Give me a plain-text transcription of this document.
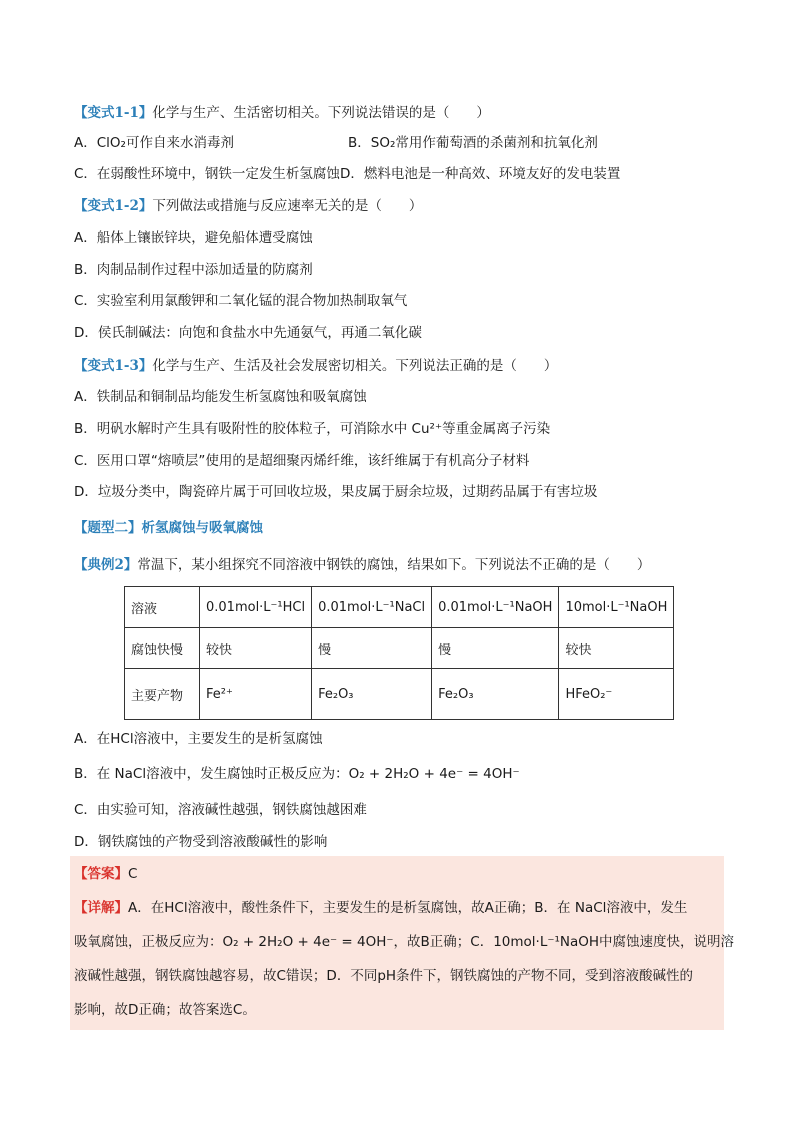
【变式1-1】化学与生产、生活密切相关。下列说法错误的是（　　）
A．ClO₂可作自来水消毒剂	B．SO₂常用作葡萄酒的杀菌剂和抗氧化剂
C．在弱酸性环境中，钢铁一定发生析氢腐蚀D．燃料电池是一种高效、环境友好的发电装置
【变式1-2】下列做法或措施与反应速率无关的是（　　）
A．船体上镶嵌锌块，避免船体遭受腐蚀
B．肉制品制作过程中添加适量的防腐剂
C．实验室利用氯酸钾和二氧化锰的混合物加热制取氧气
D．侯氏制碱法：向饱和食盐水中先通氨气，再通二氧化碳
【变式1-3】化学与生产、生活及社会发展密切相关。下列说法正确的是（　　）
A．铁制品和铜制品均能发生析氢腐蚀和吸氧腐蚀
B．明矾水解时产生具有吸附性的胶体粒子，可消除水中 Cu²⁺等重金属离子污染
C．医用口罩“熔喷层”使用的是超细聚丙烯纤维，该纤维属于有机高分子材料
D．垃圾分类中，陶瓷碎片属于可回收垃圾，果皮属于厨余垃圾，过期药品属于有害垃圾
【题型二】析氢腐蚀与吸氧腐蚀
【典例2】常温下，某小组探究不同溶液中钢铁的腐蚀，结果如下。下列说法不正确的是（　　）
溶液	0.01mol·L⁻¹HCl	0.01mol·L⁻¹NaCl	0.01mol·L⁻¹NaOH	10mol·L⁻¹NaOH
腐蚀快慢	较快	慢	慢	较快
主要产物	Fe²⁺	Fe₂O₃	Fe₂O₃	HFeO₂⁻
A．在HCl溶液中，主要发生的是析氢腐蚀
B．在 NaCl溶液中，发生腐蚀时正极反应为：O₂ + 2H₂O + 4e⁻ = 4OH⁻
C．由实验可知，溶液碱性越强，钢铁腐蚀越困难
D．钢铁腐蚀的产物受到溶液酸碱性的影响
【答案】C
【详解】A．在HCl溶液中，酸性条件下，主要发生的是析氢腐蚀，故A正确；B．在 NaCl溶液中，发生
吸氧腐蚀，正极反应为：O₂ + 2H₂O + 4e⁻ = 4OH⁻，故B正确；C．10mol·L⁻¹NaOH中腐蚀速度快，说明溶
液碱性越强，钢铁腐蚀越容易，故C错误；D．不同pH条件下，钢铁腐蚀的产物不同，受到溶液酸碱性的
影响，故D正确；故答案选C。
